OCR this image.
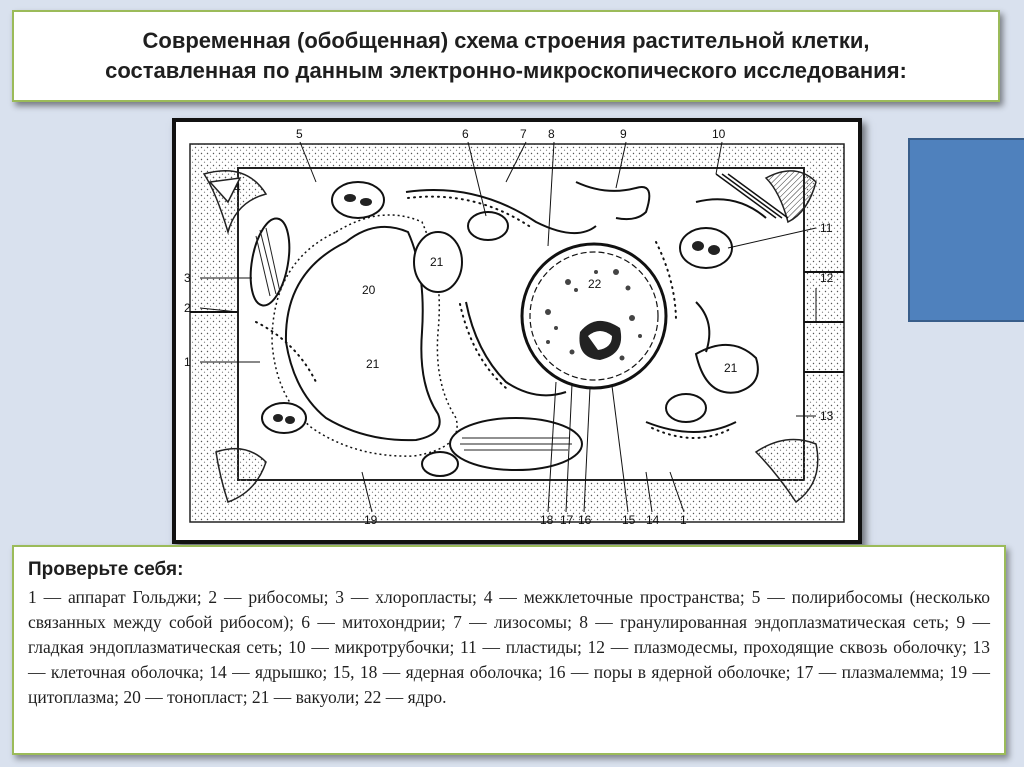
Современная (обобщенная) схема строения растительной клетки,
составленная по данным электронно-микроскопического исследования:
5	6	7 8	9	10
4
11
12
13
3
2
1
20
21
21
21
22
19	18 17 16	15 14 1
Проверьте себя:
1 — аппарат Гольджи; 2 — рибосомы; 3 — хлоропласты; 4 — межклеточные пространства; 5 — полирибосомы (несколько связанных между собой рибосом); 6 — митохондрии; 7 — лизосомы; 8 — гранулированная эндоплазматическая сеть; 9 — гладкая эндоплазматическая сеть; 10 — микротрубочки; 11 — пластиды; 12 — плазмодесмы, проходящие сквозь оболочку; 13 — клеточная оболочка; 14 — ядрышко; 15, 18 — ядерная оболочка; 16 — поры в ядерной оболочке; 17 — плазмалемма; 19 — цитоплазма; 20 — тонопласт; 21 — вакуоли; 22 — ядро.
